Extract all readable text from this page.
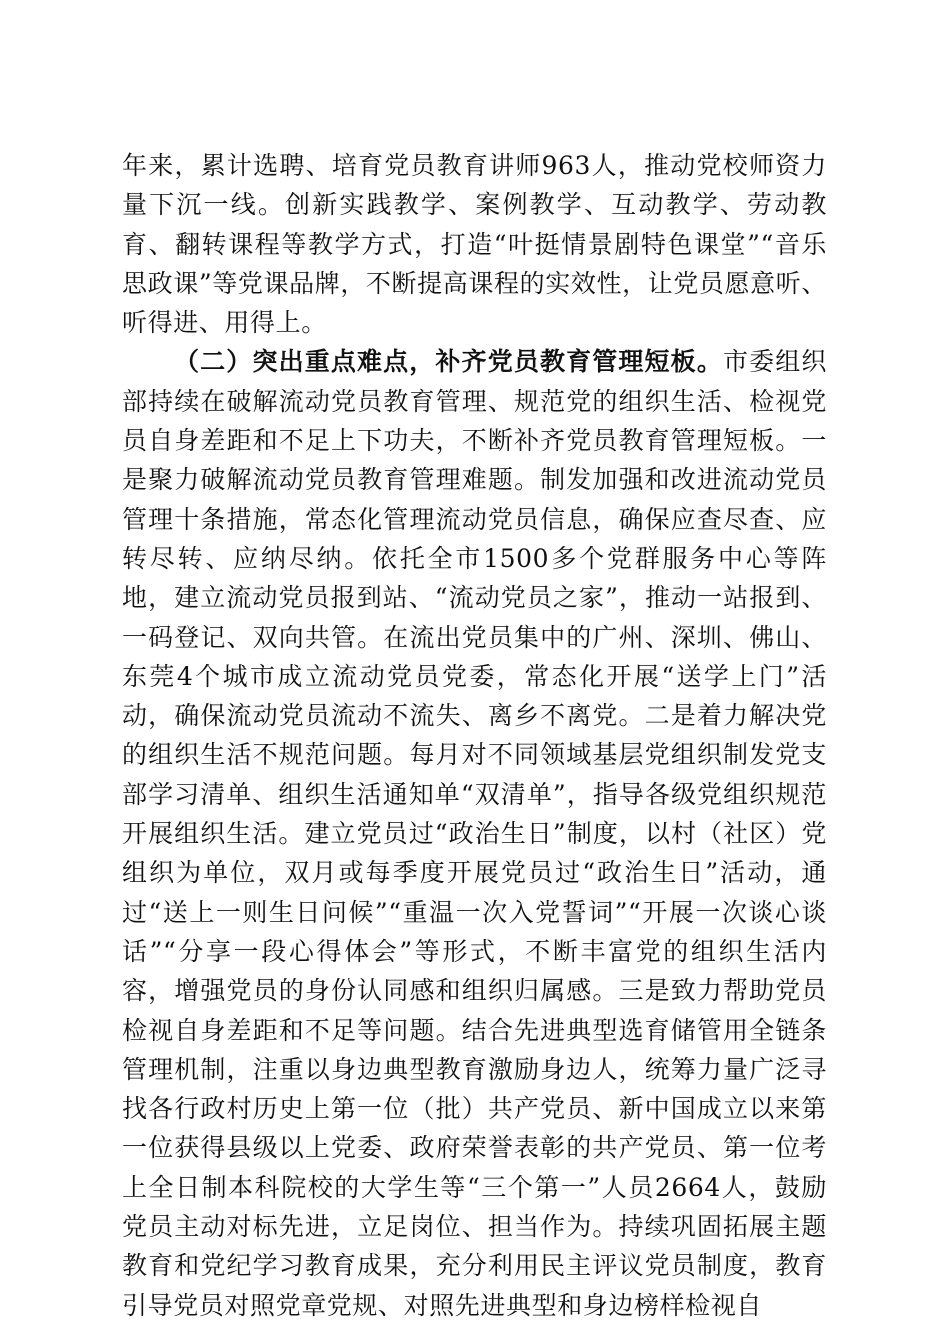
年来，累计选聘、培育党员教育讲师963人，推动党校师资力量下沉一线。创新实践教学、案例教学、互动教学、劳动教育、翻转课程等教学方式，打造“叶挺情景剧特色课堂”“音乐思政课”等党课品牌，不断提高课程的实效性，让党员愿意听、听得进、用得上。

（二）突出重点难点，补齐党员教育管理短板。市委组织部持续在破解流动党员教育管理、规范党的组织生活、检视党员自身差距和不足上下功夫，不断补齐党员教育管理短板。一是聚力破解流动党员教育管理难题。制发加强和改进流动党员管理十条措施，常态化管理流动党员信息，确保应查尽查、应转尽转、应纳尽纳。依托全市1500多个党群服务中心等阵地，建立流动党员报到站、“流动党员之家”，推动一站报到、一码登记、双向共管。在流出党员集中的广州、深圳、佛山、东莞4个城市成立流动党员党委，常态化开展“送学上门”活动，确保流动党员流动不流失、离乡不离党。二是着力解决党的组织生活不规范问题。每月对不同领域基层党组织制发党支部学习清单、组织生活通知单“双清单”，指导各级党组织规范开展组织生活。建立党员过“政治生日”制度，以村（社区）党组织为单位，双月或每季度开展党员过“政治生日”活动，通过“送上一则生日问候”“重温一次入党誓词”“开展一次谈心谈话”“分享一段心得体会”等形式，不断丰富党的组织生活内容，增强党员的身份认同感和组织归属感。三是致力帮助党员检视自身差距和不足等问题。结合先进典型选育储管用全链条管理机制，注重以身边典型教育激励身边人，统筹力量广泛寻找各行政村历史上第一位（批）共产党员、新中国成立以来第一位获得县级以上党委、政府荣誉表彰的共产党员、第一位考上全日制本科院校的大学生等“三个第一”人员2664人，鼓励党员主动对标先进，立足岗位、担当作为。持续巩固拓展主题教育和党纪学习教育成果，充分利用民主评议党员制度，教育引导党员对照党章党规、对照先进典型和身边榜样检视自
